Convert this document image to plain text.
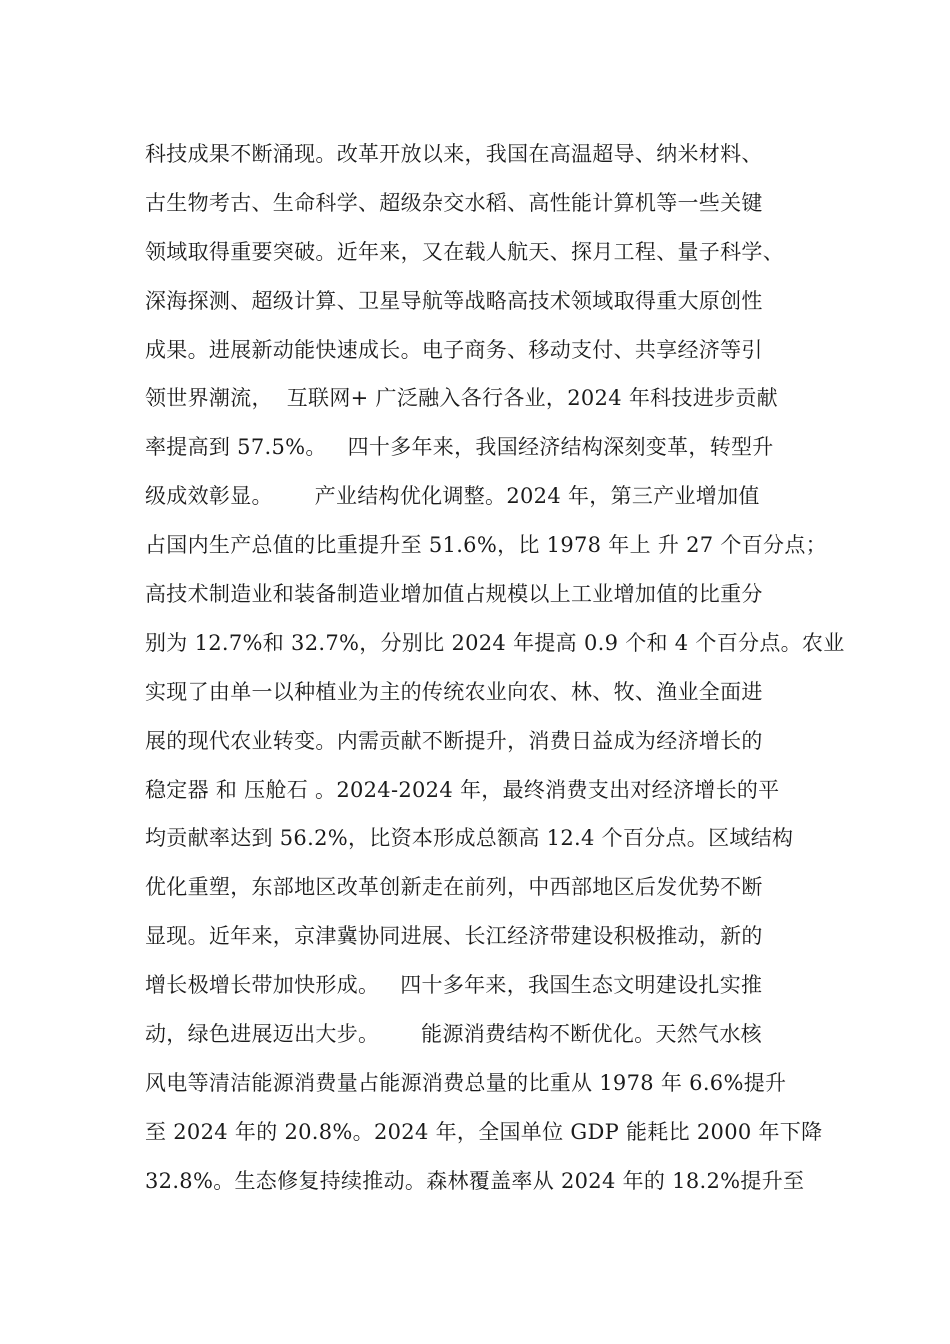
科技成果不断涌现。改革开放以来，我国在高温超导、纳米材料、
古生物考古、生命科学、超级杂交水稻、高性能计算机等一些关键
领域取得重要突破。近年来，又在载人航天、探月工程、量子科学、
深海探测、超级计算、卫星导航等战略高技术领域取得重大原创性
成果。进展新动能快速成长。电子商务、移动支付、共享经济等引
领世界潮流，  互联网+ 广泛融入各行各业，2024 年科技进步贡献
率提高到 57.5%。   四十多年来，我国经济结构深刻变革，转型升
级成效彰显。      产业结构优化调整。2024 年，第三产业增加值
占国内生产总值的比重提升至 51.6%，比 1978 年上 升 27 个百分点；
高技术制造业和装备制造业增加值占规模以上工业增加值的比重分
别为 12.7%和 32.7%，分别比 2024 年提高 0.9 个和 4 个百分点。农业
实现了由单一以种植业为主的传统农业向农、林、牧、渔业全面进
展的现代农业转变。内需贡献不断提升，消费日益成为经济增长的
稳定器 和 压舱石 。2024-2024 年，最终消费支出对经济增长的平
均贡献率达到 56.2%，比资本形成总额高 12.4 个百分点。区域结构
优化重塑，东部地区改革创新走在前列，中西部地区后发优势不断
显现。近年来，京津冀协同进展、长江经济带建设积极推动，新的
增长极增长带加快形成。   四十多年来，我国生态文明建设扎实推
动，绿色进展迈出大步。      能源消费结构不断优化。天然气水核
风电等清洁能源消费量占能源消费总量的比重从 1978 年 6.6%提升
至 2024 年的 20.8%。2024 年，全国单位 GDP 能耗比 2000 年下降
32.8%。生态修复持续推动。森林覆盖率从 2024 年的 18.2%提升至
